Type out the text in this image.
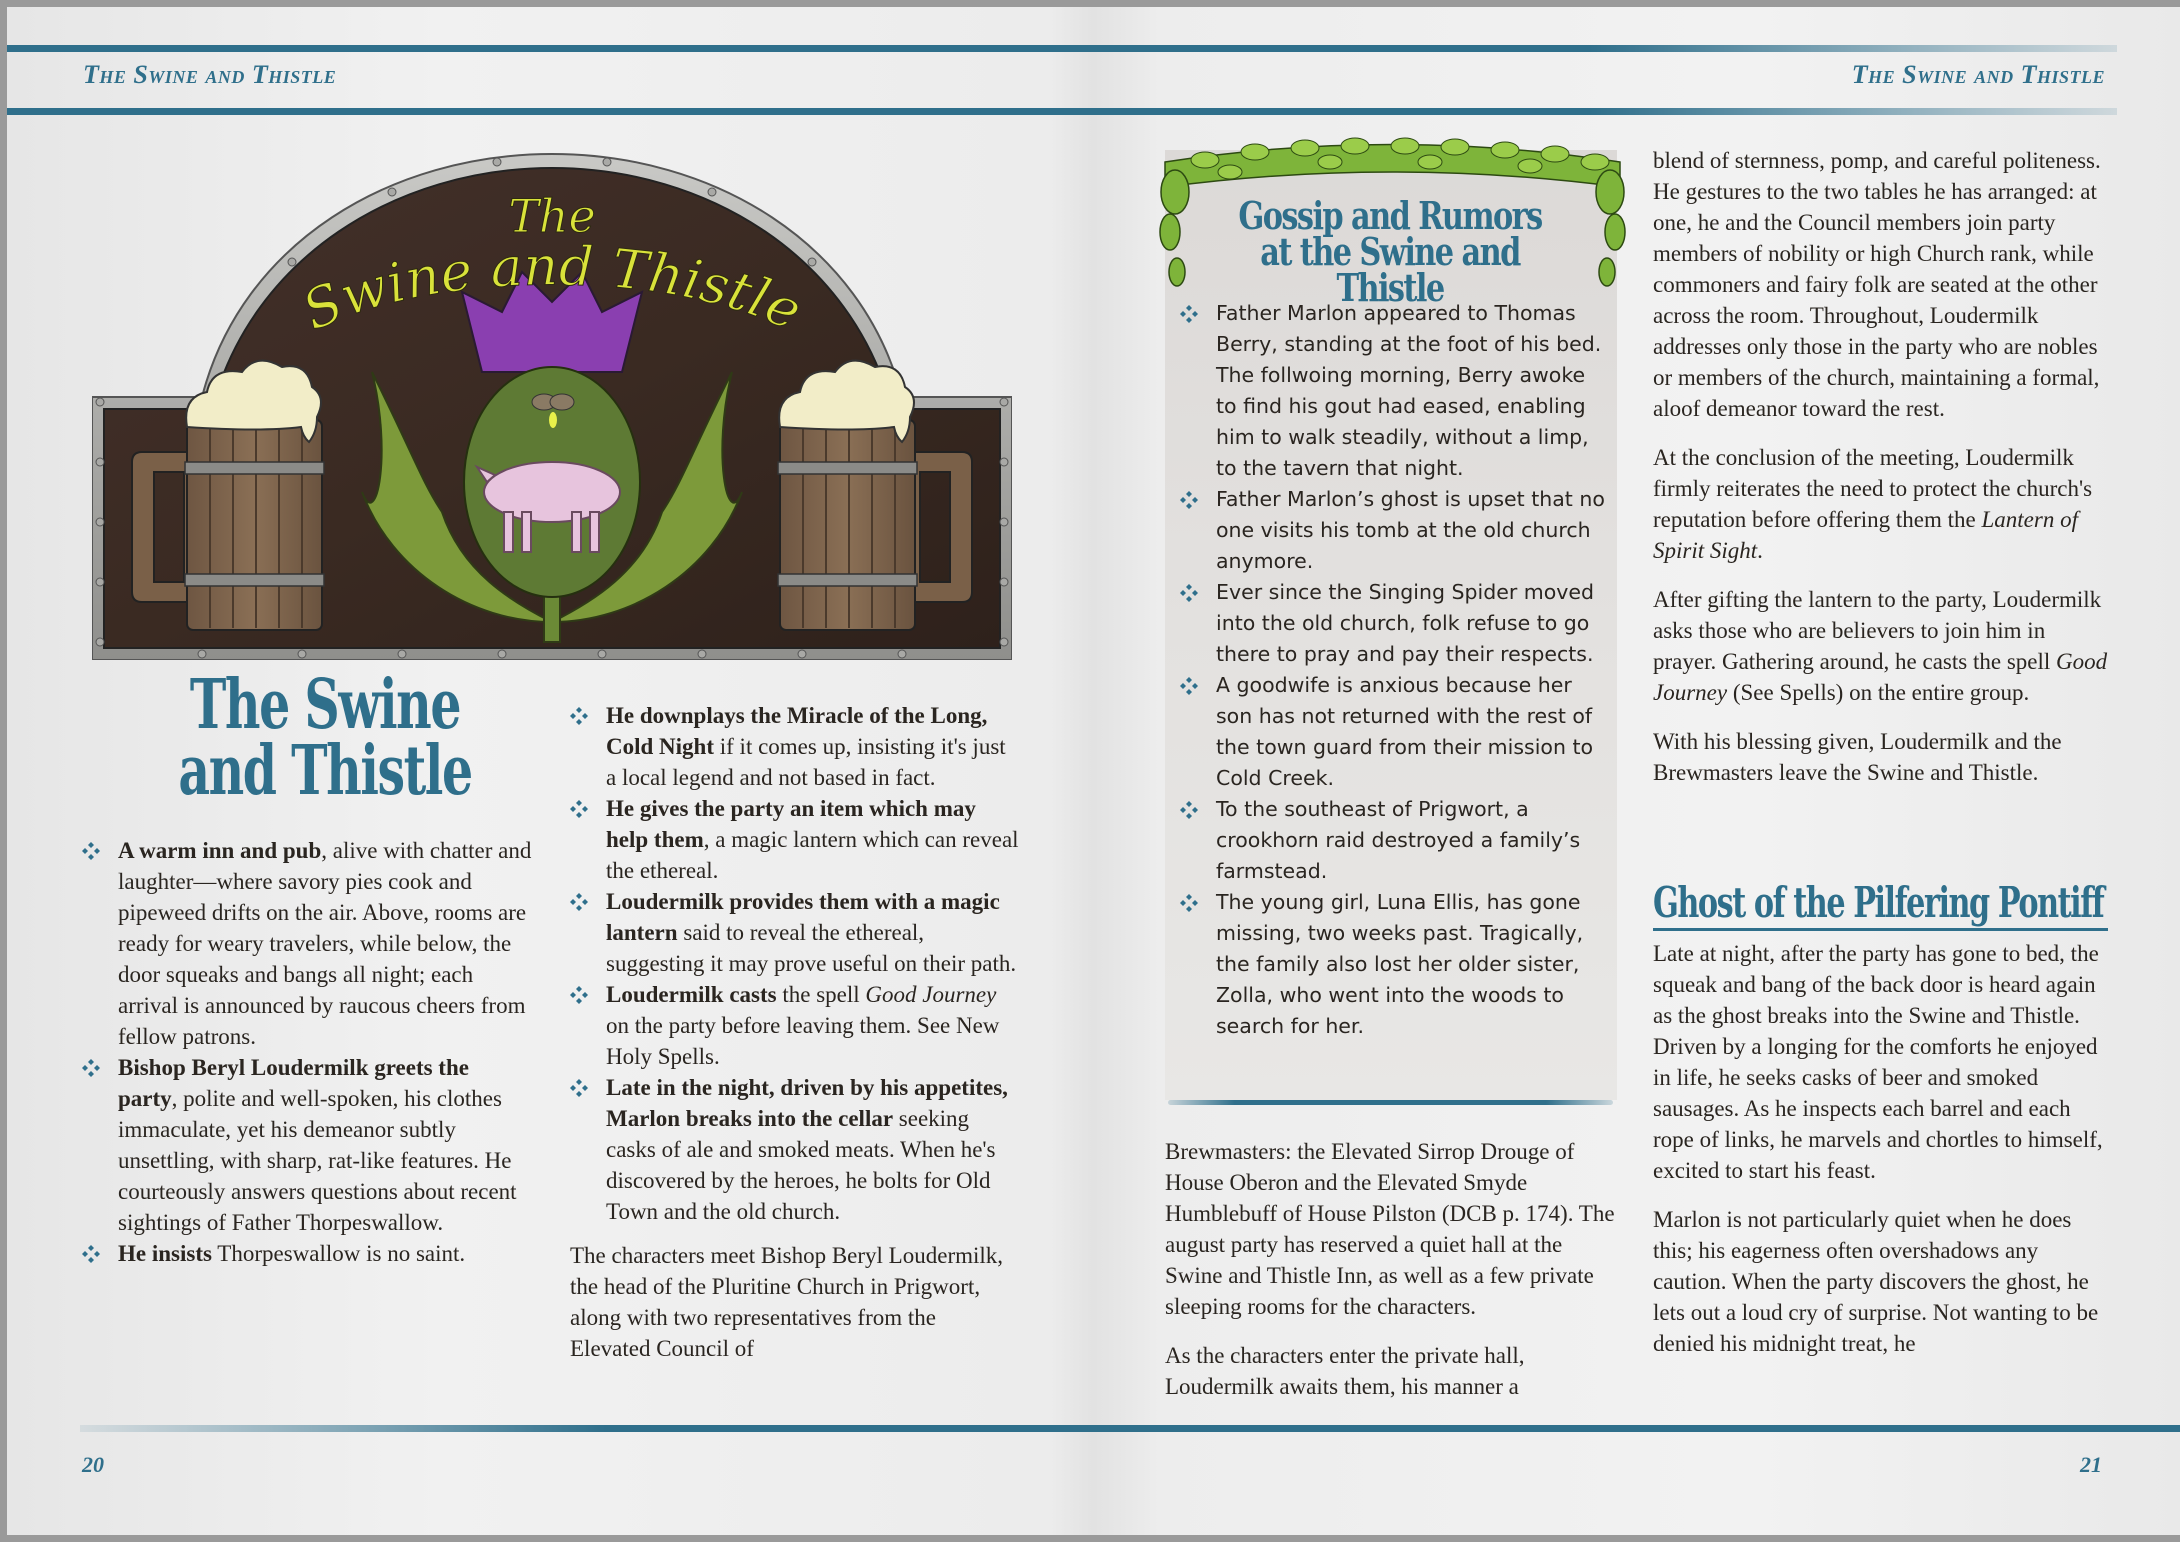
The Swine and Thistle	The Swine and Thistle
20	21
The
Swine and Thistle
The Swine and Thistle
A warm inn and pub, alive with chatter and laughter—where savory pies cook and pipeweed drifts on the air. Above, rooms are ready for weary travelers, while below, the door squeaks and bangs all night; each arrival is announced by raucous cheers from fellow patrons.
Bishop Beryl Loudermilk greets the party, polite and well-spoken, his clothes immaculate, yet his demeanor subtly unsettling, with sharp, rat-like features. He courteously answers questions about recent sightings of Father Thorpeswallow.
He insists Thorpeswallow is no saint.
He downplays the Miracle of the Long, Cold Night if it comes up, insisting it's just a local legend and not based in fact.
He gives the party an item which may help them, a magic lantern which can reveal the ethereal.
Loudermilk provides them with a magic lantern said to reveal the ethereal, suggesting it may prove useful on their path.
Loudermilk casts the spell Good Journey on the party before leaving them. See New Holy Spells.
Late in the night, driven by his appetites, Marlon breaks into the cellar seeking casks of ale and smoked meats. When he's discovered by the heroes, he bolts for Old Town and the old church.

The characters meet Bishop Beryl Loudermilk, the head of the Pluritine Church in Prigwort, along with two representatives from the Elevated Council of

Gossip and Rumors
at the Swine and Thistle
Father Marlon appeared to Thomas Berry, standing at the foot of his bed. The follwoing morning, Berry awoke to find his gout had eased, enabling him to walk steadily, without a limp, to the tavern that night.
Father Marlon’s ghost is upset that no one visits his tomb at the old church anymore.
Ever since the Singing Spider moved into the old church, folk refuse to go there to pray and pay their respects.
A goodwife is anxious because her son has not returned with the rest of the town guard from their mission to Cold Creek.
To the southeast of Prigwort, a crookhorn raid destroyed a family’s farmstead.
The young girl, Luna Ellis, has gone missing, two weeks past. Tragically, the family also lost her older sister, Zolla, who went into the woods to search for her.

Brewmasters: the Elevated Sirrop Drouge of House Oberon and the Elevated Smyde Humblebuff of House Pilston (DCB p. 174). The august party has reserved a quiet hall at the Swine and Thistle Inn, as well as a few private sleeping rooms for the characters.

As the characters enter the private hall, Loudermilk awaits them, his manner a

blend of sternness, pomp, and careful politeness. He gestures to the two tables he has arranged: at one, he and the Council members join party members of nobility or high Church rank, while commoners and fairy folk are seated at the other across the room. Throughout, Loudermilk addresses only those in the party who are nobles or members of the church, maintaining a formal, aloof demeanor toward the rest.

At the conclusion of the meeting, Loudermilk firmly reiterates the need to protect the church's reputation before offering them the Lantern of Spirit Sight.

After gifting the lantern to the party, Loudermilk asks those who are believers to join him in prayer. Gathering around, he casts the spell Good Journey (See Spells) on the entire group.

With his blessing given, Loudermilk and the Brewmasters leave the Swine and Thistle.

Ghost of the Pilfering Pontiff

Late at night, after the party has gone to bed, the squeak and bang of the back door is heard again as the ghost breaks into the Swine and Thistle. Driven by a longing for the comforts he enjoyed in life, he seeks casks of beer and smoked sausages. As he inspects each barrel and each rope of links, he marvels and chortles to himself, excited to start his feast.

Marlon is not particularly quiet when he does this; his eagerness often overshadows any caution. When the party discovers the ghost, he lets out a loud cry of surprise. Not wanting to be denied his midnight treat, he
